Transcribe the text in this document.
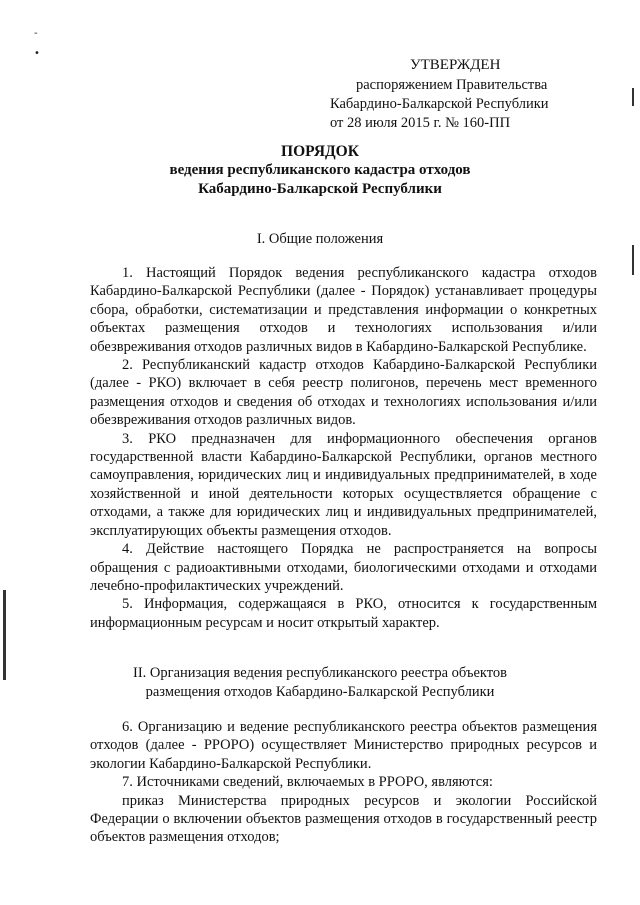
-
•
УТВЕРЖДЕН
распоряжением Правительства
Кабардино-Балкарской Республики
от 28 июля 2015 г. № 160-ПП
ПОРЯДОК
ведения республиканского кадастра отходов
Кабардино-Балкарской Республики
I. Общие положения

1. Настоящий Порядок ведения республиканского кадастра отходов Кабардино-Балкарской Республики (далее - Порядок) устанавливает процедуры сбора, обработки, систематизации и представления информации о конкретных объектах размещения отходов и технологиях использования и/или обезвреживания отходов различных видов в Кабардино-Балкарской Республике.

2. Республиканский кадастр отходов Кабардино-Балкарской Республики (далее - РКО) включает в себя реестр полигонов, перечень мест временного размещения отходов и сведения об отходах и технологиях использования и/или обезвреживания отходов различных видов.

3. РКО предназначен для информационного обеспечения органов государственной власти Кабардино-Балкарской Республики, органов местного самоуправления, юридических лиц и индивидуальных предпринимателей, в ходе хозяйственной и иной деятельности которых осуществляется обращение с отходами, а также для юридических лиц и индивидуальных предпринимателей, эксплуатирующих объекты размещения отходов.

4. Действие настоящего Порядка не распространяется на вопросы обращения с радиоактивными отходами, биологическими отходами и отходами лечебно-профилактических учреждений.

5. Информация, содержащаяся в РКО, относится к государственным информационным ресурсам и носит открытый характер.

II. Организация ведения республиканского реестра объектов
размещения отходов Кабардино-Балкарской Республики

6. Организацию и ведение республиканского реестра объектов размещения отходов (далее - РРОРО) осуществляет Министерство природных ресурсов и экологии Кабардино-Балкарской Республики.

7. Источниками сведений, включаемых в РРОРО, являются:

приказ Министерства природных ресурсов и экологии Российской Федерации о включении объектов размещения отходов в государственный реестр объектов размещения отходов;
